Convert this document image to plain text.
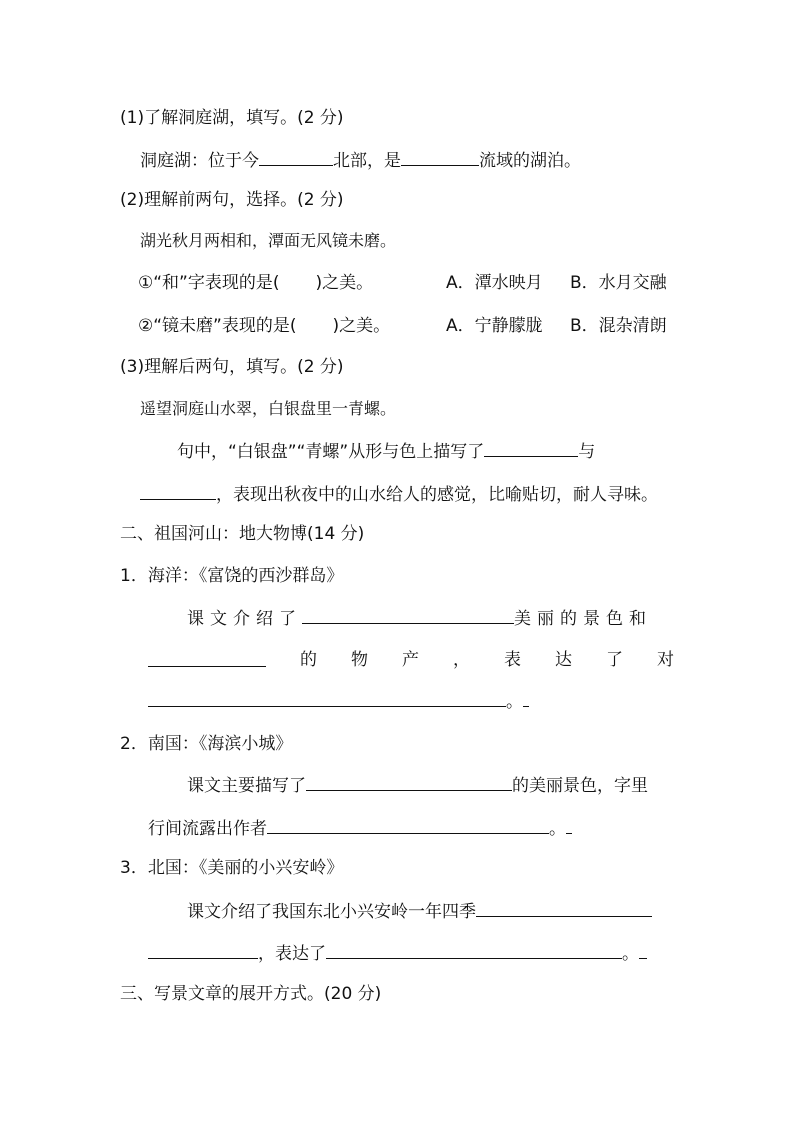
(1)了解洞庭湖，填写。(2 分)
洞庭湖：位于今	北部，是	流域的湖泊。
(2)理解前两句，选择。(2 分)
湖光秋月两相和，潭面无风镜未磨。
①“和”字表现的是( )之美。	A．潭水映月 B．水月交融
②“镜未磨”表现的是( )之美。	A．宁静朦胧 B．混杂清朗
(3)理解后两句，填写。(2 分)
遥望洞庭山水翠，白银盘里一青螺。
句中，“白银盘”“青螺”从形与色上描写了	与
，表现出秋夜中的山水给人的感觉，比喻贴切，耐人寻味。
二、祖国河山：地大物博(14 分)
1．海洋：《富饶的西沙群岛》
课文介绍了	美丽的景色和
的 物 产 ， 表 达 了 对
。
2．南国：《海滨小城》
课文主要描写了	的美丽景色，字里
行间流露出作者	。
3．北国：《美丽的小兴安岭》
课文介绍了我国东北小兴安岭一年四季
，表达了	。
三、写景文章的展开方式。(20 分)
